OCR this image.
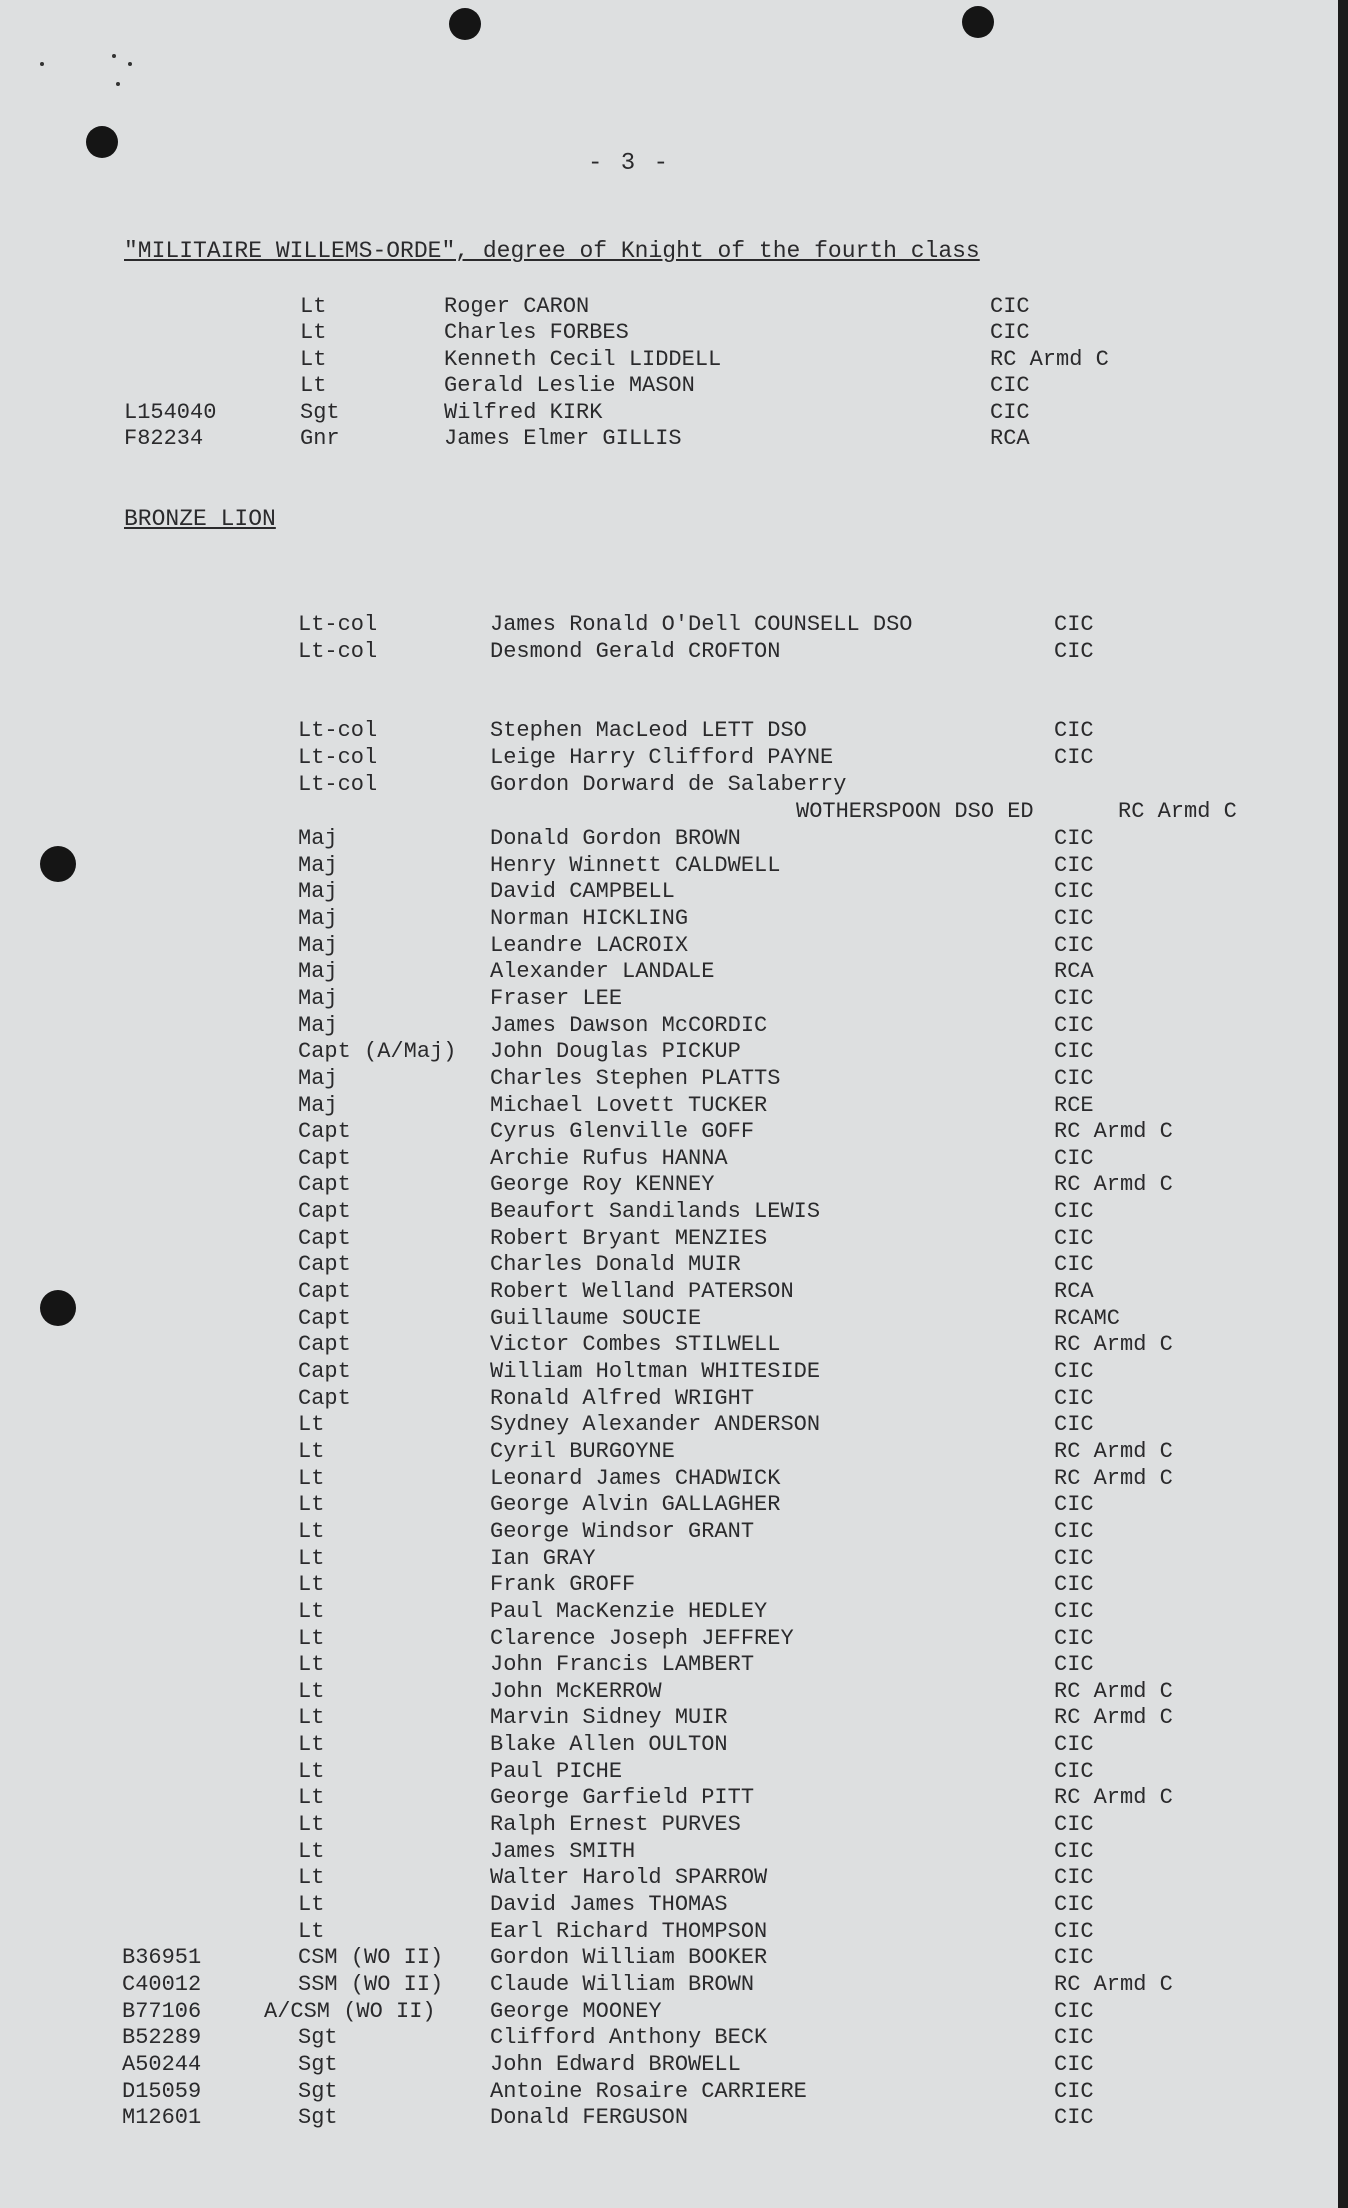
- 3 -
"MILITAIRE WILLEMS-ORDE", degree of Knight of the fourth class
Lt	Roger CARON	CIC
Lt	Charles FORBES	CIC
Lt	Kenneth Cecil LIDDELL	RC Armd C
Lt	Gerald Leslie MASON	CIC
L154040	Sgt	Wilfred KIRK	CIC
F82234	Gnr	James Elmer GILLIS	RCA
BRONZE LION
Lt-col	James Ronald O'Dell COUNSELL DSO	CIC
Lt-col	Desmond Gerald CROFTON	CIC
Lt-col	Stephen MacLeod LETT DSO	CIC
Lt-col	Leige Harry Clifford PAYNE	CIC
Lt-col	Gordon Dorward de Salaberry
WOTHERSPOON DSO ED	RC Armd C
Maj	Donald Gordon BROWN	CIC
Maj	Henry Winnett CALDWELL	CIC
Maj	David CAMPBELL	CIC
Maj	Norman HICKLING	CIC
Maj	Leandre LACROIX	CIC
Maj	Alexander LANDALE	RCA
Maj	Fraser LEE	CIC
Maj	James Dawson McCORDIC	CIC
Capt (A/Maj) John Douglas PICKUP	CIC
Maj	Charles Stephen PLATTS	CIC
Maj	Michael Lovett TUCKER	RCE
Capt	Cyrus Glenville GOFF	RC Armd C
Capt	Archie Rufus HANNA	CIC
Capt	George Roy KENNEY	RC Armd C
Capt	Beaufort Sandilands LEWIS	CIC
Capt	Robert Bryant MENZIES	CIC
Capt	Charles Donald MUIR	CIC
Capt	Robert Welland PATERSON	RCA
Capt	Guillaume SOUCIE	RCAMC
Capt	Victor Combes STILWELL	RC Armd C
Capt	William Holtman WHITESIDE	CIC
Capt	Ronald Alfred WRIGHT	CIC
Lt	Sydney Alexander ANDERSON	CIC
Lt	Cyril BURGOYNE	RC Armd C
Lt	Leonard James CHADWICK	RC Armd C
Lt	George Alvin GALLAGHER	CIC
Lt	George Windsor GRANT	CIC
Lt	Ian GRAY	CIC
Lt	Frank GROFF	CIC
Lt	Paul MacKenzie HEDLEY	CIC
Lt	Clarence Joseph JEFFREY	CIC
Lt	John Francis LAMBERT	CIC
Lt	John McKERROW	RC Armd C
Lt	Marvin Sidney MUIR	RC Armd C
Lt	Blake Allen OULTON	CIC
Lt	Paul PICHE	CIC
Lt	George Garfield PITT	RC Armd C
Lt	Ralph Ernest PURVES	CIC
Lt	James SMITH	CIC
Lt	Walter Harold SPARROW	CIC
Lt	David James THOMAS	CIC
Lt	Earl Richard THOMPSON	CIC
B36951	CSM (WO II) Gordon William BOOKER	CIC
C40012	SSM (WO II) Claude William BROWN	RC Armd C
B77106	A/CSM (WO II) George MOONEY	CIC
B52289	Sgt	Clifford Anthony BECK	CIC
A50244	Sgt	John Edward BROWELL	CIC
D15059	Sgt	Antoine Rosaire CARRIERE	CIC
M12601	Sgt	Donald FERGUSON	CIC
